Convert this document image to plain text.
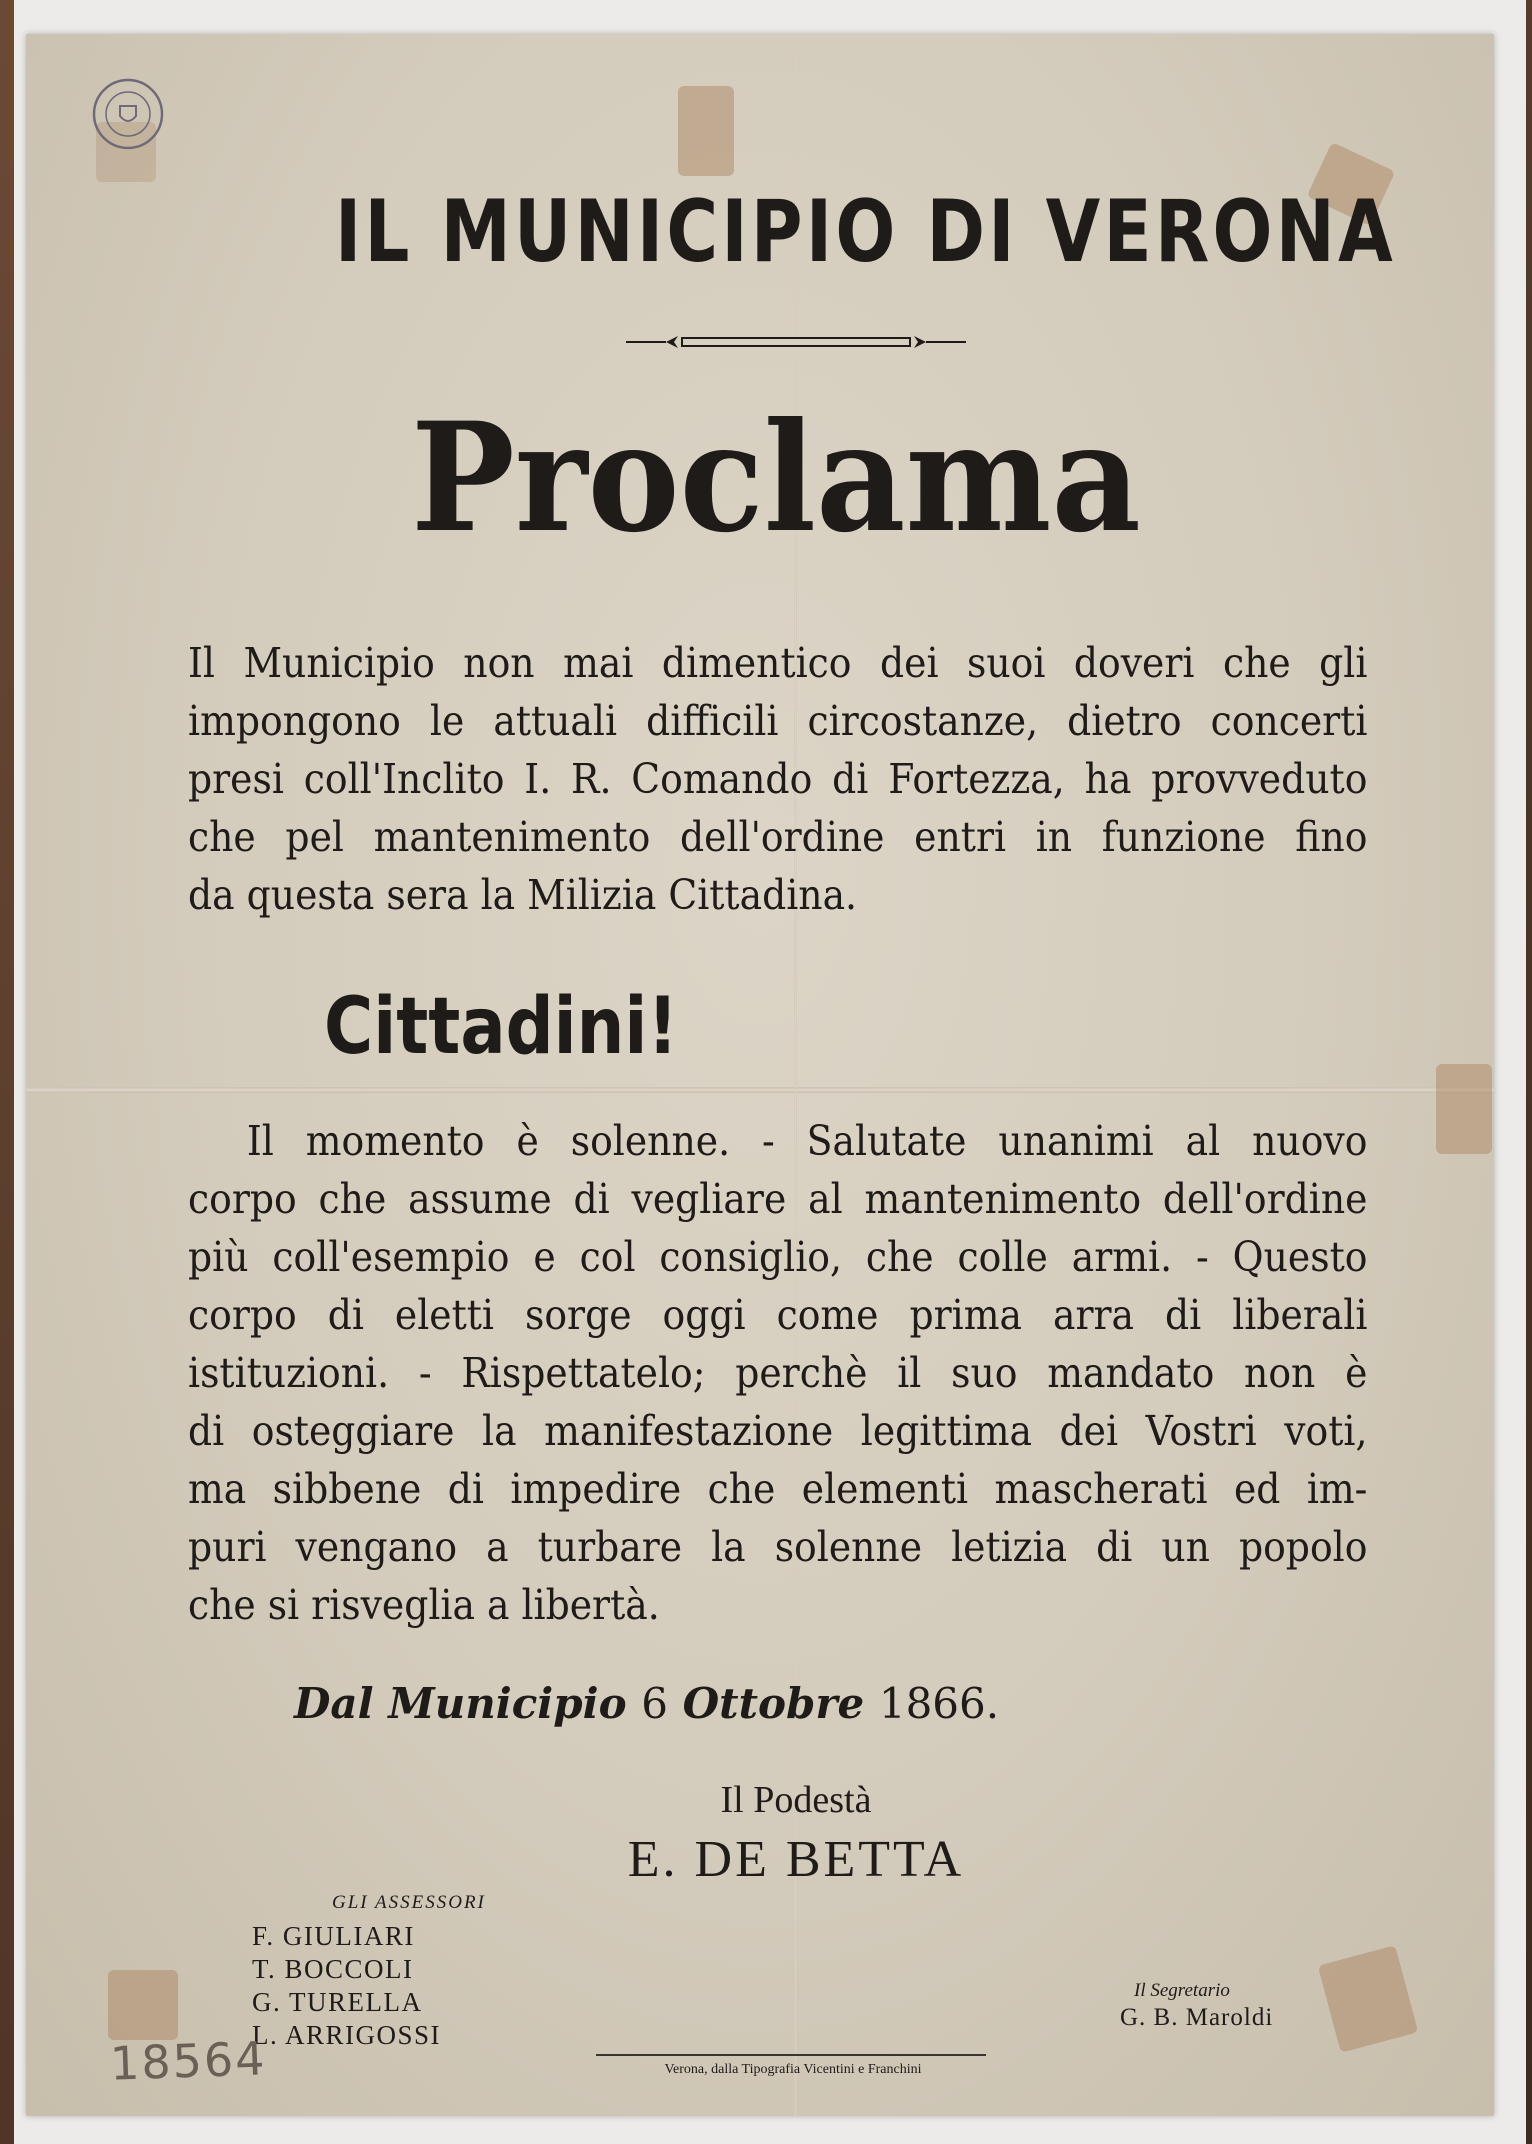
IL MUNICIPIO DI VERONA
Proclama
Il Municipio non mai dimentico dei suoi doveri che gli
impongono le attuali difficili circostanze, dietro concerti
presi coll'Inclito I. R. Comando di Fortezza, ha provveduto
che pel mantenimento dell'ordine entri in funzione fino
da questa sera la Milizia Cittadina.
Cittadini!
Il momento è solenne. - Salutate unanimi al nuovo
corpo che assume di vegliare al mantenimento dell'ordine
più coll'esempio e col consiglio, che colle armi. - Questo
corpo di eletti sorge oggi come prima arra di liberali
istituzioni. - Rispettatelo; perchè il suo mandato non è
di osteggiare la manifestazione legittima dei Vostri voti,
ma sibbene di impedire che elementi mascherati ed im-
puri vengano a turbare la solenne letizia di un popolo
che si risveglia a libertà.

Dal Municipio 6 Ottobre 1866.

Il Podestà

E. DE BETTA

GLI ASSESSORI

F. GIULIARI
T. BOCCOLI
G. TURELLA
L. ARRIGOSSI

Il Segretario

G. B. Maroldi

Verona, dalla Tipografia Vicentini e Franchini

18564
